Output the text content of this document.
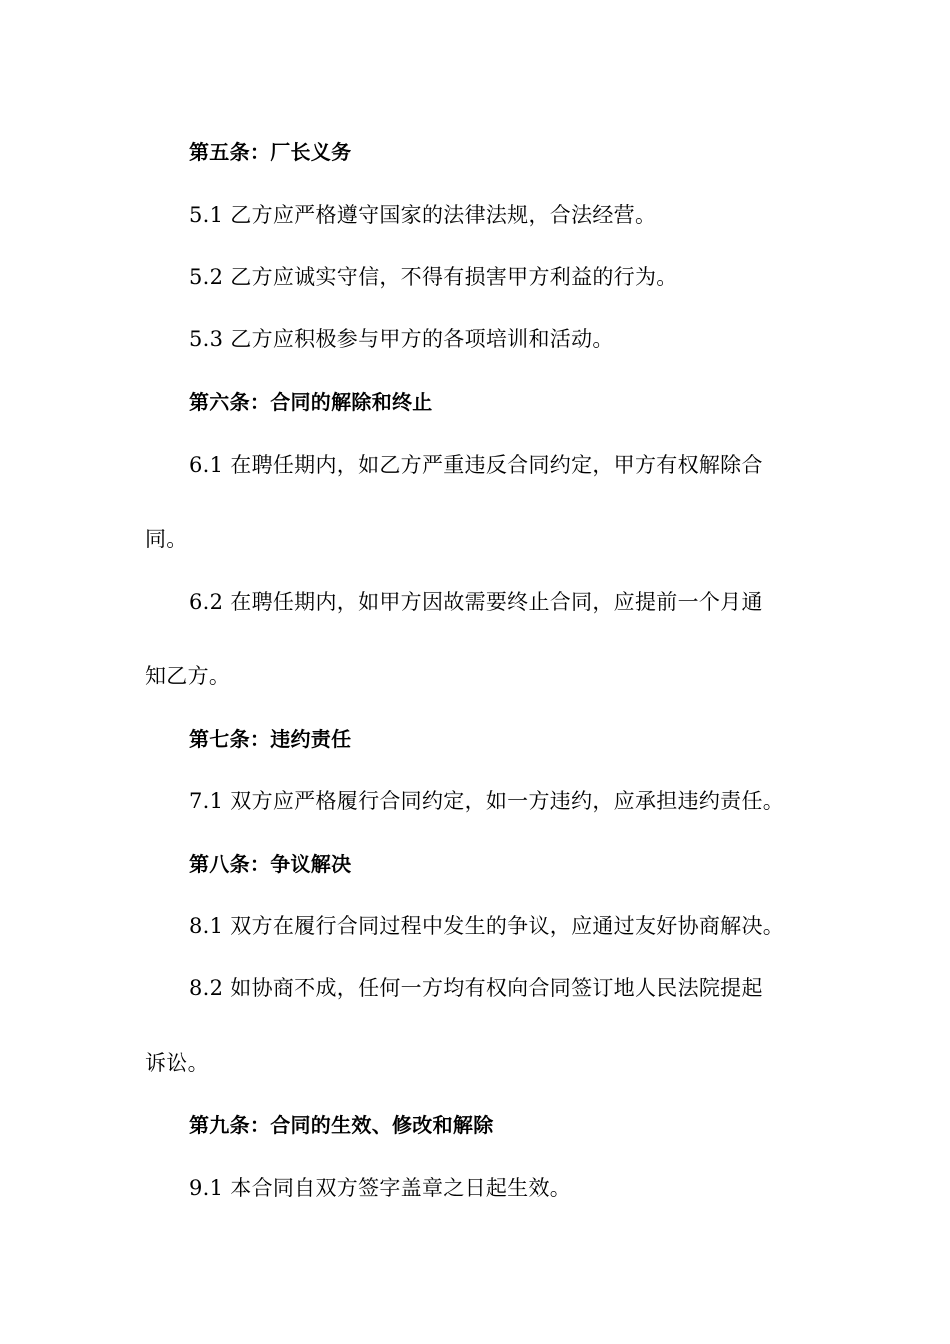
第五条：厂长义务
5.1 乙方应严格遵守国家的法律法规，合法经营。
5.2 乙方应诚实守信，不得有损害甲方利益的行为。
5.3 乙方应积极参与甲方的各项培训和活动。
第六条：合同的解除和终止
6.1 在聘任期内，如乙方严重违反合同约定，甲方有权解除合
同。
6.2 在聘任期内，如甲方因故需要终止合同，应提前一个月通
知乙方。
第七条：违约责任
7.1 双方应严格履行合同约定，如一方违约，应承担违约责任。
第八条：争议解决
8.1 双方在履行合同过程中发生的争议，应通过友好协商解决。
8.2 如协商不成，任何一方均有权向合同签订地人民法院提起
诉讼。
第九条：合同的生效、修改和解除
9.1 本合同自双方签字盖章之日起生效。
